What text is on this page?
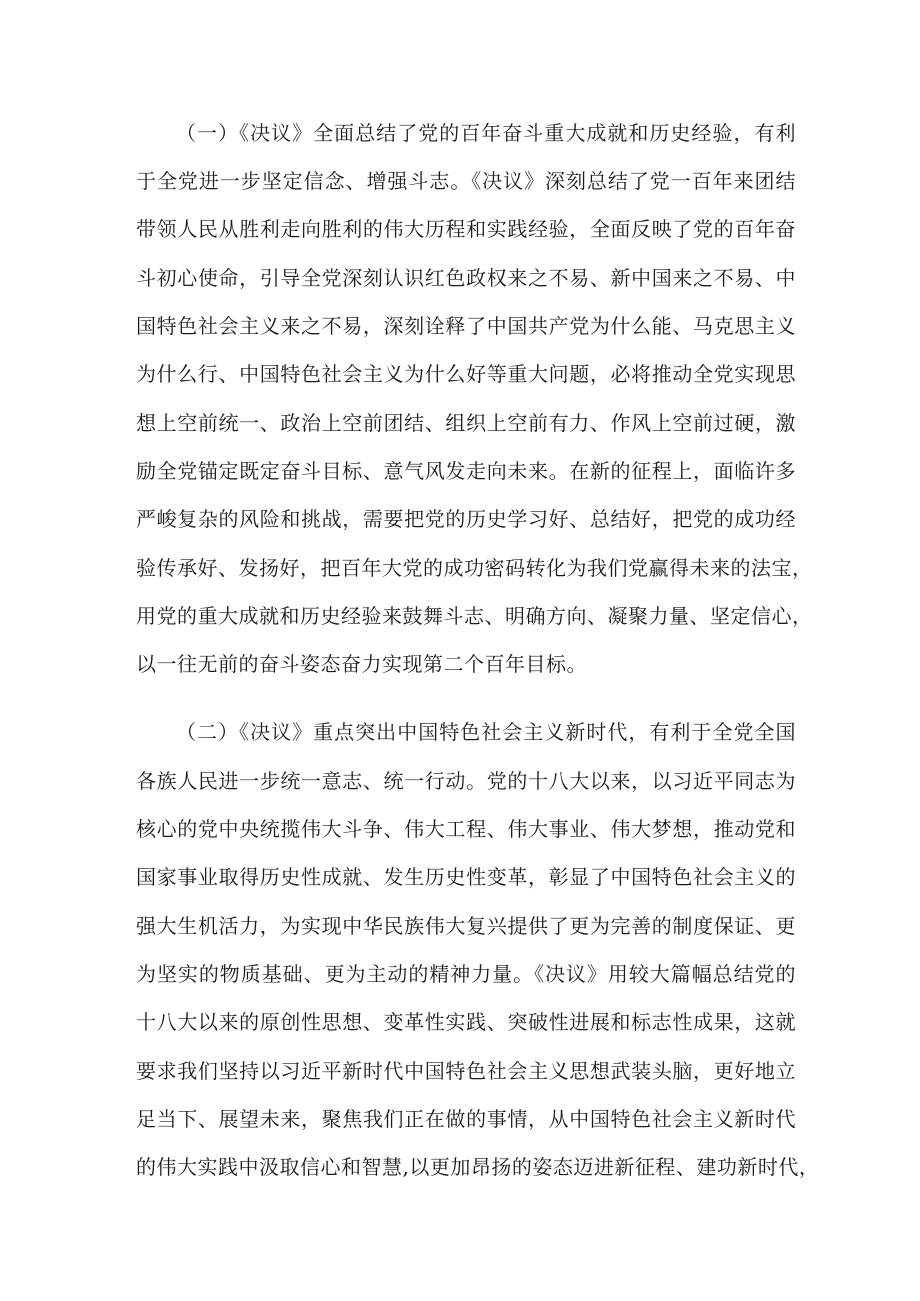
（一）《决议》全面总结了党的百年奋斗重大成就和历史经验，有利
于全党进一步坚定信念、增强斗志。《决议》深刻总结了党一百年来团结
带领人民从胜利走向胜利的伟大历程和实践经验，全面反映了党的百年奋
斗初心使命，引导全党深刻认识红色政权来之不易、新中国来之不易、中
国特色社会主义来之不易，深刻诠释了中国共产党为什么能、马克思主义
为什么行、中国特色社会主义为什么好等重大问题，必将推动全党实现思
想上空前统一、政治上空前团结、组织上空前有力、作风上空前过硬，激
励全党锚定既定奋斗目标、意气风发走向未来。在新的征程上，面临许多
严峻复杂的风险和挑战，需要把党的历史学习好、总结好，把党的成功经
验传承好、发扬好，把百年大党的成功密码转化为我们党赢得未来的法宝，
用党的重大成就和历史经验来鼓舞斗志、明确方向、凝聚力量、坚定信心，
以一往无前的奋斗姿态奋力实现第二个百年目标。
（二）《决议》重点突出中国特色社会主义新时代，有利于全党全国
各族人民进一步统一意志、统一行动。党的十八大以来，以习近平同志为
核心的党中央统揽伟大斗争、伟大工程、伟大事业、伟大梦想，推动党和
国家事业取得历史性成就、发生历史性变革，彰显了中国特色社会主义的
强大生机活力，为实现中华民族伟大复兴提供了更为完善的制度保证、更
为坚实的物质基础、更为主动的精神力量。《决议》用较大篇幅总结党的
十八大以来的原创性思想、变革性实践、突破性进展和标志性成果，这就
要求我们坚持以习近平新时代中国特色社会主义思想武装头脑，更好地立
足当下、展望未来，聚焦我们正在做的事情，从中国特色社会主义新时代
的伟大实践中汲取信心和智慧,以更加昂扬的姿态迈进新征程、建功新时代，
